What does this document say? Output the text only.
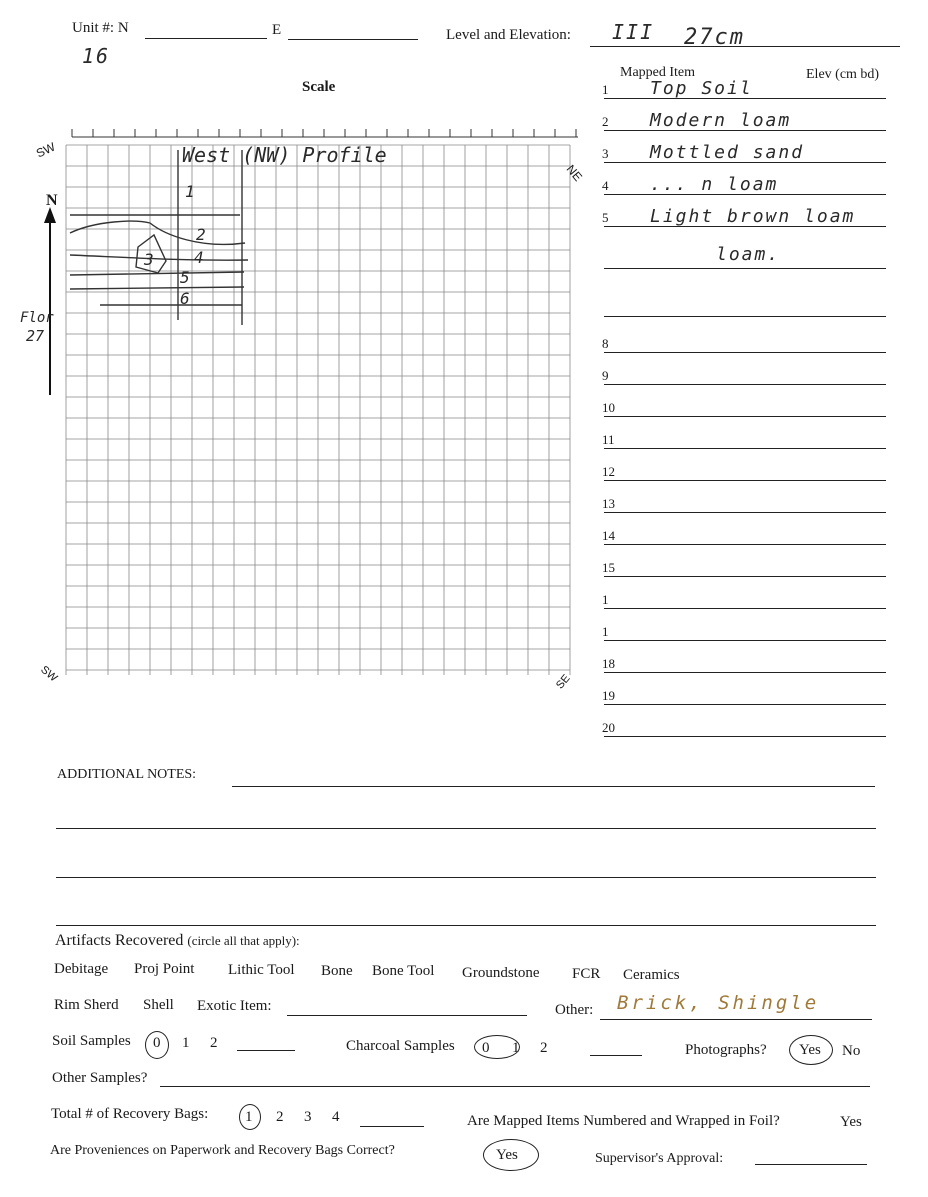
Unit #: N	E
16
Level and Elevation: III 27cm
Scale
West (NW) Profile
SW
NE
SW	SE
N
Flor
27
1
2
3 4
5
6
Mapped Item	Elev (cm bd)
1 Top Soil
2 Modern loam
3 Mottled sand
4 ... n loam
5 Light brown loam
loam.
8
9
10
11
12
13
14
15
1
1
18
19
20
ADDITIONAL NOTES:
Artifacts Recovered (circle all that apply):
Debitage Proj Point Lithic Tool Bone Bone Tool Groundstone FCR Ceramics
Rim Sherd Shell Exotic Item:	Other: Brick, Shingle
Soil Samples 0 1 2	Charcoal Samples 0 1 2	Photographs? Yes No
Other Samples?
Total # of Recovery Bags: 1 2 3 4	Are Mapped Items Numbered and Wrapped in Foil?	Yes
Are Proveniences on Paperwork and Recovery Bags Correct?	Yes	Supervisor's Approval:
